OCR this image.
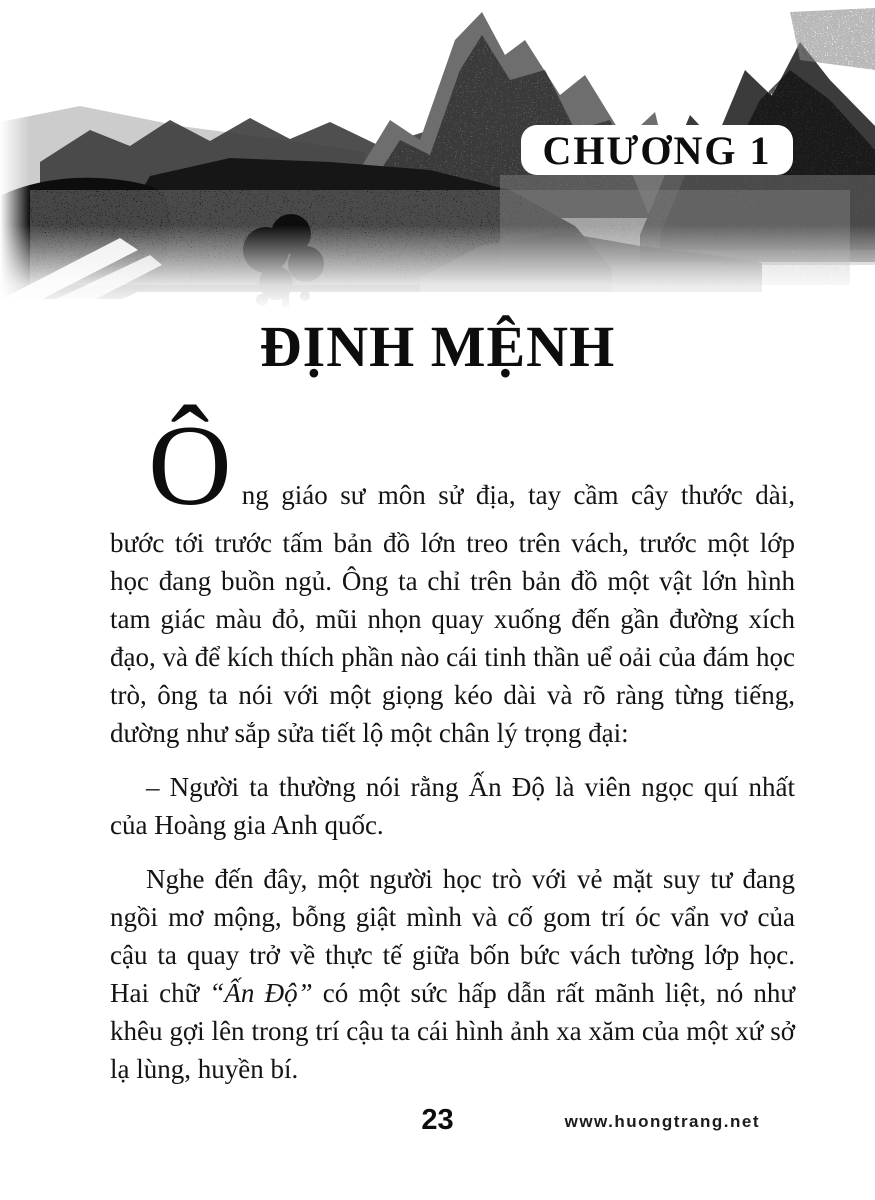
CHƯƠNG 1
ĐỊNH MỆNH
Ô ng giáo sư môn sử địa, tay cầm cây thước dài,
bước tới trước tấm bản đồ lớn treo trên vách, trước một lớp học đang buồn ngủ. Ông ta chỉ trên bản đồ một vật lớn hình tam giác màu đỏ, mũi nhọn quay xuống đến gần đường xích đạo, và để kích thích phần nào cái tinh thần uể oải của đám học trò, ông ta nói với một giọng kéo dài và rõ ràng từng tiếng, dường như sắp sửa tiết lộ một chân lý trọng đại:
– Người ta thường nói rằng Ấn Độ là viên ngọc quí nhất của Hoàng gia Anh quốc.
Nghe đến đây, một người học trò với vẻ mặt suy tư đang ngồi mơ mộng, bỗng giật mình và cố gom trí óc vẩn vơ của cậu ta quay trở về thực tế giữa bốn bức vách tường lớp học. Hai chữ “Ấn Độ” có một sức hấp dẫn rất mãnh liệt, nó như khêu gợi lên trong trí cậu ta cái hình ảnh xa xăm của một xứ sở lạ lùng, huyền bí.
23	www.huongtrang.net
